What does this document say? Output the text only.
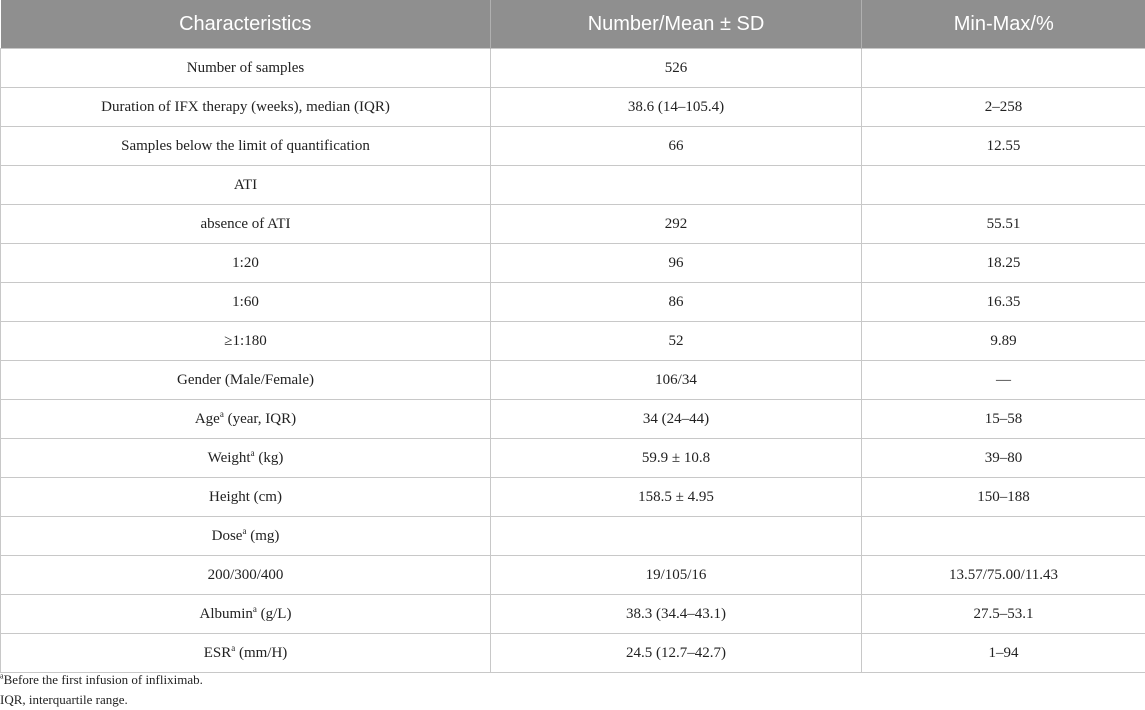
Characteristics	Number/Mean ± SD	Min-Max/%
Number of samples	526	
Duration of IFX therapy (weeks), median (IQR)	38.6 (14–105.4)	2–258
Samples below the limit of quantification	66	12.55
ATI		
absence of ATI	292	55.51
1:20	96	18.25
1:60	86	16.35
≥1:180	52	9.89
Gender (Male/Female)	106/34	—
Age$^a$ (year, IQR)	34 (24–44)	15–58
Weight$^a$ (kg)	59.9 ± 10.8	39–80
Height (cm)	158.5 ± 4.95	150–188
Dose$^a$ (mg)		
200/300/400	19/105/16	13.57/75.00/11.43
Albumin$^a$ (g/L)	38.3 (34.4–43.1)	27.5–53.1
ESR$^a$ (mm/H)	24.5 (12.7–42.7)	1–94
$^a$Before the first infusion of infliximab.
IQR, interquartile range.
